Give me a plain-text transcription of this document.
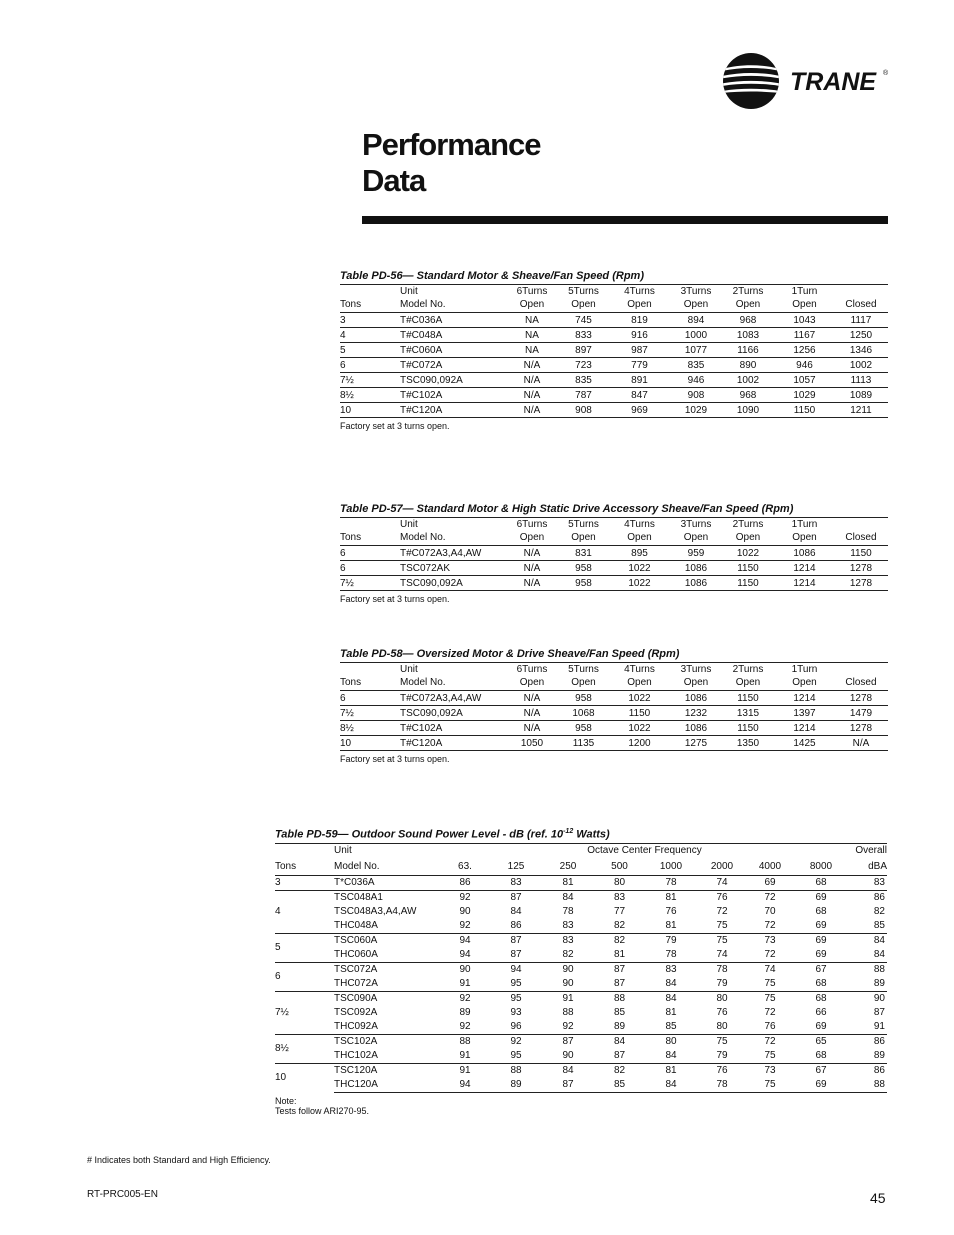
TRANE ®
Performance
Data
Table PD-56— Standard Motor & Sheave/Fan Speed (Rpm)
	Unit	6Turns	5Turns	4Turns	3Turns	2Turns	1Turn	
Tons	Model No.	Open	Open	Open	Open	Open	Open	Closed
3	T#C036A	NA	745	819	894	968	1043	1117
4	T#C048A	NA	833	916	1000	1083	1167	1250
5	T#C060A	NA	897	987	1077	1166	1256	1346
6	T#C072A	N/A	723	779	835	890	946	1002
7½	TSC090,092A	N/A	835	891	946	1002	1057	1113
8½	T#C102A	N/A	787	847	908	968	1029	1089
10	T#C120A	N/A	908	969	1029	1090	1150	1211
Factory set at 3 turns open.
Table PD-57— Standard Motor & High Static Drive Accessory Sheave/Fan Speed (Rpm)
	Unit	6Turns	5Turns	4Turns	3Turns	2Turns	1Turn	
Tons	Model No.	Open	Open	Open	Open	Open	Open	Closed
6	T#C072A3,A4,AW	N/A	831	895	959	1022	1086	1150
6	TSC072AK	N/A	958	1022	1086	1150	1214	1278
7½	TSC090,092A	N/A	958	1022	1086	1150	1214	1278
Factory set at 3 turns open.
Table PD-58— Oversized Motor & Drive Sheave/Fan Speed (Rpm)
	Unit	6Turns	5Turns	4Turns	3Turns	2Turns	1Turn	
Tons	Model No.	Open	Open	Open	Open	Open	Open	Closed
6	T#C072A3,A4,AW	N/A	958	1022	1086	1150	1214	1278
7½	TSC090,092A	N/A	1068	1150	1232	1315	1397	1479
8½	T#C102A	N/A	958	1022	1086	1150	1214	1278
10	T#C120A	1050	1135	1200	1275	1350	1425	N/A
Factory set at 3 turns open.
Table PD-59— Outdoor Sound Power Level - dB (ref. $10^{-12}$ Watts)
	Unit	Octave Center Frequency								Overall
Tons	Model No.	63.	125	250	500	1000	2000	4000	8000	dBA
3	T*C036A	86	83	81	80	78	74	69	68	83
4	TSC048A1	92	87	84	83	81	76	72	69	86
	TSC048A3,A4,AW	90	84	78	77	76	72	70	68	82
	THC048A	92	86	83	82	81	75	72	69	85
5	TSC060A	94	87	83	82	79	75	73	69	84
	THC060A	94	87	82	81	78	74	72	69	84
6	TSC072A	90	94	90	87	83	78	74	67	88
	THC072A	91	95	90	87	84	79	75	68	89
7½	TSC090A	92	95	91	88	84	80	75	68	90
	TSC092A	89	93	88	85	81	76	72	66	87
	THC092A	92	96	92	89	85	80	76	69	91
8½	TSC102A	88	92	87	84	80	75	72	65	86
	THC102A	91	95	90	87	84	79	75	68	89
10	TSC120A	91	88	84	82	81	76	73	67	86
	THC120A	94	89	87	85	84	78	75	69	88
Note:
Tests follow ARI270-95.
# Indicates both Standard and High Efficiency.
RT-PRC005-EN	45
